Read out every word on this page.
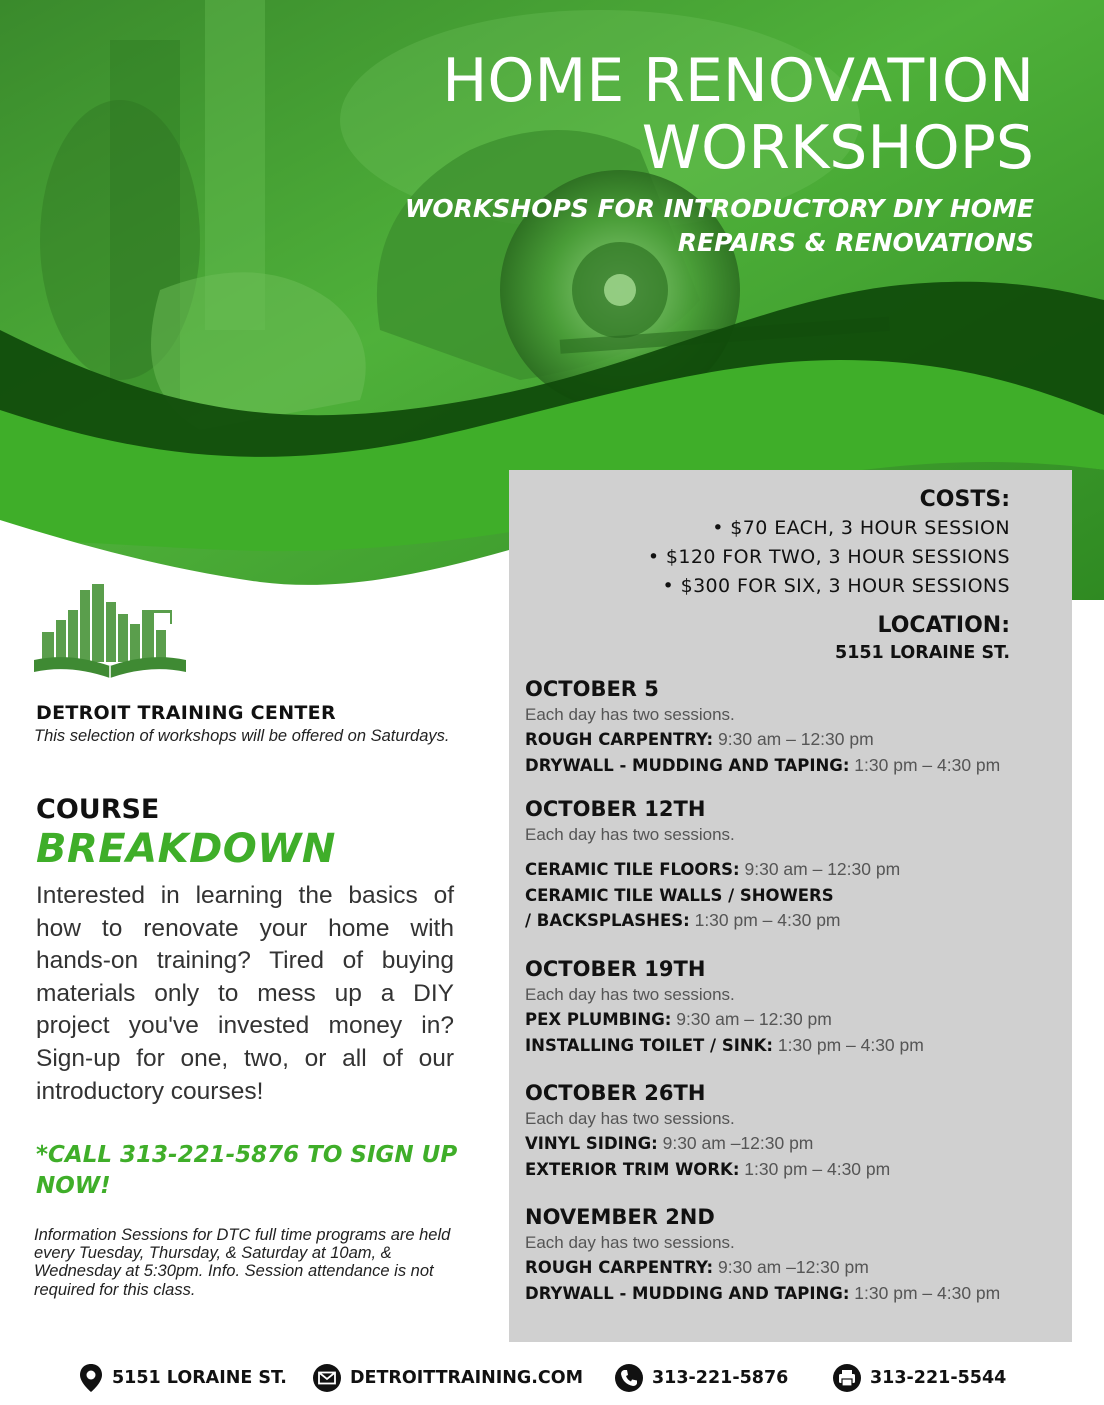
HOME RENOVATION
WORKSHOPS
WORKSHOPS FOR INTRODUCTORY DIY HOME
REPAIRS & RENOVATIONS
DETROIT TRAINING CENTER
This selection of workshops will be offered on Saturdays.
COURSE
BREAKDOWN
Interested in learning the basics of how to renovate your home with hands-on training? Tired of buying materials only to mess up a DIY project you've invested money in? Sign-up for one, two, or all of our introductory courses!
*CALL 313-221-5876 TO SIGN UP NOW!
Information Sessions for DTC full time programs are held every Tuesday, Thursday, & Saturday at 10am, & Wednesday at 5:30pm. Info. Session attendance is not required for this class.
COSTS:
• $70 EACH, 3 HOUR SESSION
• $120 FOR TWO, 3 HOUR SESSIONS
• $300 FOR SIX, 3 HOUR SESSIONS
LOCATION:
5151 LORAINE ST.
OCTOBER 5
Each day has two sessions.
ROUGH CARPENTRY: 9:30 am – 12:30 pm
DRYWALL - MUDDING AND TAPING: 1:30 pm – 4:30 pm
OCTOBER 12TH
Each day has two sessions.
CERAMIC TILE FLOORS: 9:30 am – 12:30 pm
CERAMIC TILE WALLS / SHOWERS
/ BACKSPLASHES: 1:30 pm – 4:30 pm
OCTOBER 19TH
Each day has two sessions.
PEX PLUMBING: 9:30 am – 12:30 pm
INSTALLING TOILET / SINK: 1:30 pm – 4:30 pm
OCTOBER 26TH
Each day has two sessions.
VINYL SIDING: 9:30 am –12:30 pm
EXTERIOR TRIM WORK: 1:30 pm – 4:30 pm
NOVEMBER 2ND
Each day has two sessions.
ROUGH CARPENTRY: 9:30 am –12:30 pm
DRYWALL - MUDDING AND TAPING: 1:30 pm – 4:30 pm
5151 LORAINE ST.	DETROITTRAINING.COM	313-221-5876	313-221-5544
